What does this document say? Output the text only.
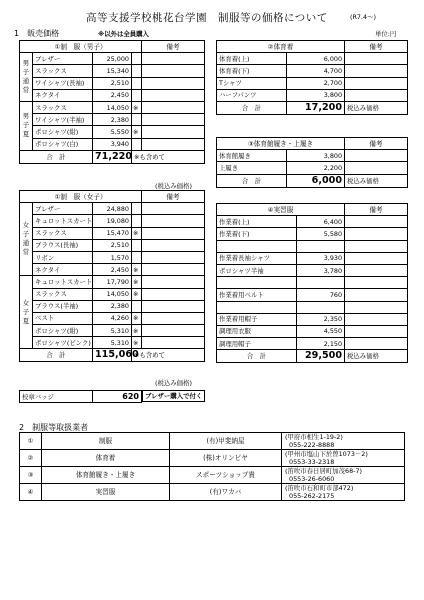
高等支援学校桃花台学園　制服等の価格について	(R7.4～)
1　販売価格	※以外は全員購入	単位:円
①制　服（男子）				備考
男子通常	ブレザー	25,000		
	スラックス	15,340		
	ワイシャツ(長袖)	2,510		
	ネクタイ	2,450		
男子夏	スラックス	14,050	※	
	ワイシャツ(半袖)	2,380		
	ポロシャツ(紺)	5,550	※	
	ポロシャツ(白)	3,940		
合　計		71,220	※も含めて	
(税込み価格)
①制　服（女子）				備考
女子通常	ブレザー	24,880		
	キュロットスカート	19,080		
	スラックス	15,470	※	
	ブラウス(長袖)	2,510		
	リボン	1,570		
	ネクタイ	2,450	※	
女子夏	キュロットスカート	17,790	※	
	スラックス	14,050	※	
	ブラウス(半袖)	2,380		
	ベスト	4,260	※	
	ポロシャツ(紺)	5,310	※	
	ポロシャツ(ピンク)	5,310	※	
合　計		115,060	※も含めて	
(税込み価格)
校章バッジ	620 ブレザー購入で付く
②体育着		備考
体育着(上)	6,000	
体育着(下)	4,700	
Tシャツ	2,700	
ハーフパンツ	3,800	
合　計	17,200	税込み価格
③体育館履き・上履き		備考
体育館履き	3,800	
上履き	2,200	
合　計	6,000	税込み価格
④実習服		備考
作業着(上)	6,400	
作業着(下)	5,580	

作業着長袖シャツ	3,930	
ポロシャツ半袖	3,780	

作業着用ベルト	760	

作業着用帽子	2,350	
調理用衣服	4,550	
調理用帽子	2,150	
合　計	29,500	税込み価格
2　制服等取扱業者
①	制服	(有)甲斐納屋	(甲府市相生1-19-2)
055-222-8888

②	体育着	(株)オリンピヤ	(甲州市塩山下於曽1073－2)
0553-33-2318

③	体育館履き・上履き	スポーツショップ貴	(笛吹市春日居町加茂68-7)
0553-26-6060

④	実習服	(有)ワカバ	(笛吹市石和町市部472)
055-262-2175
